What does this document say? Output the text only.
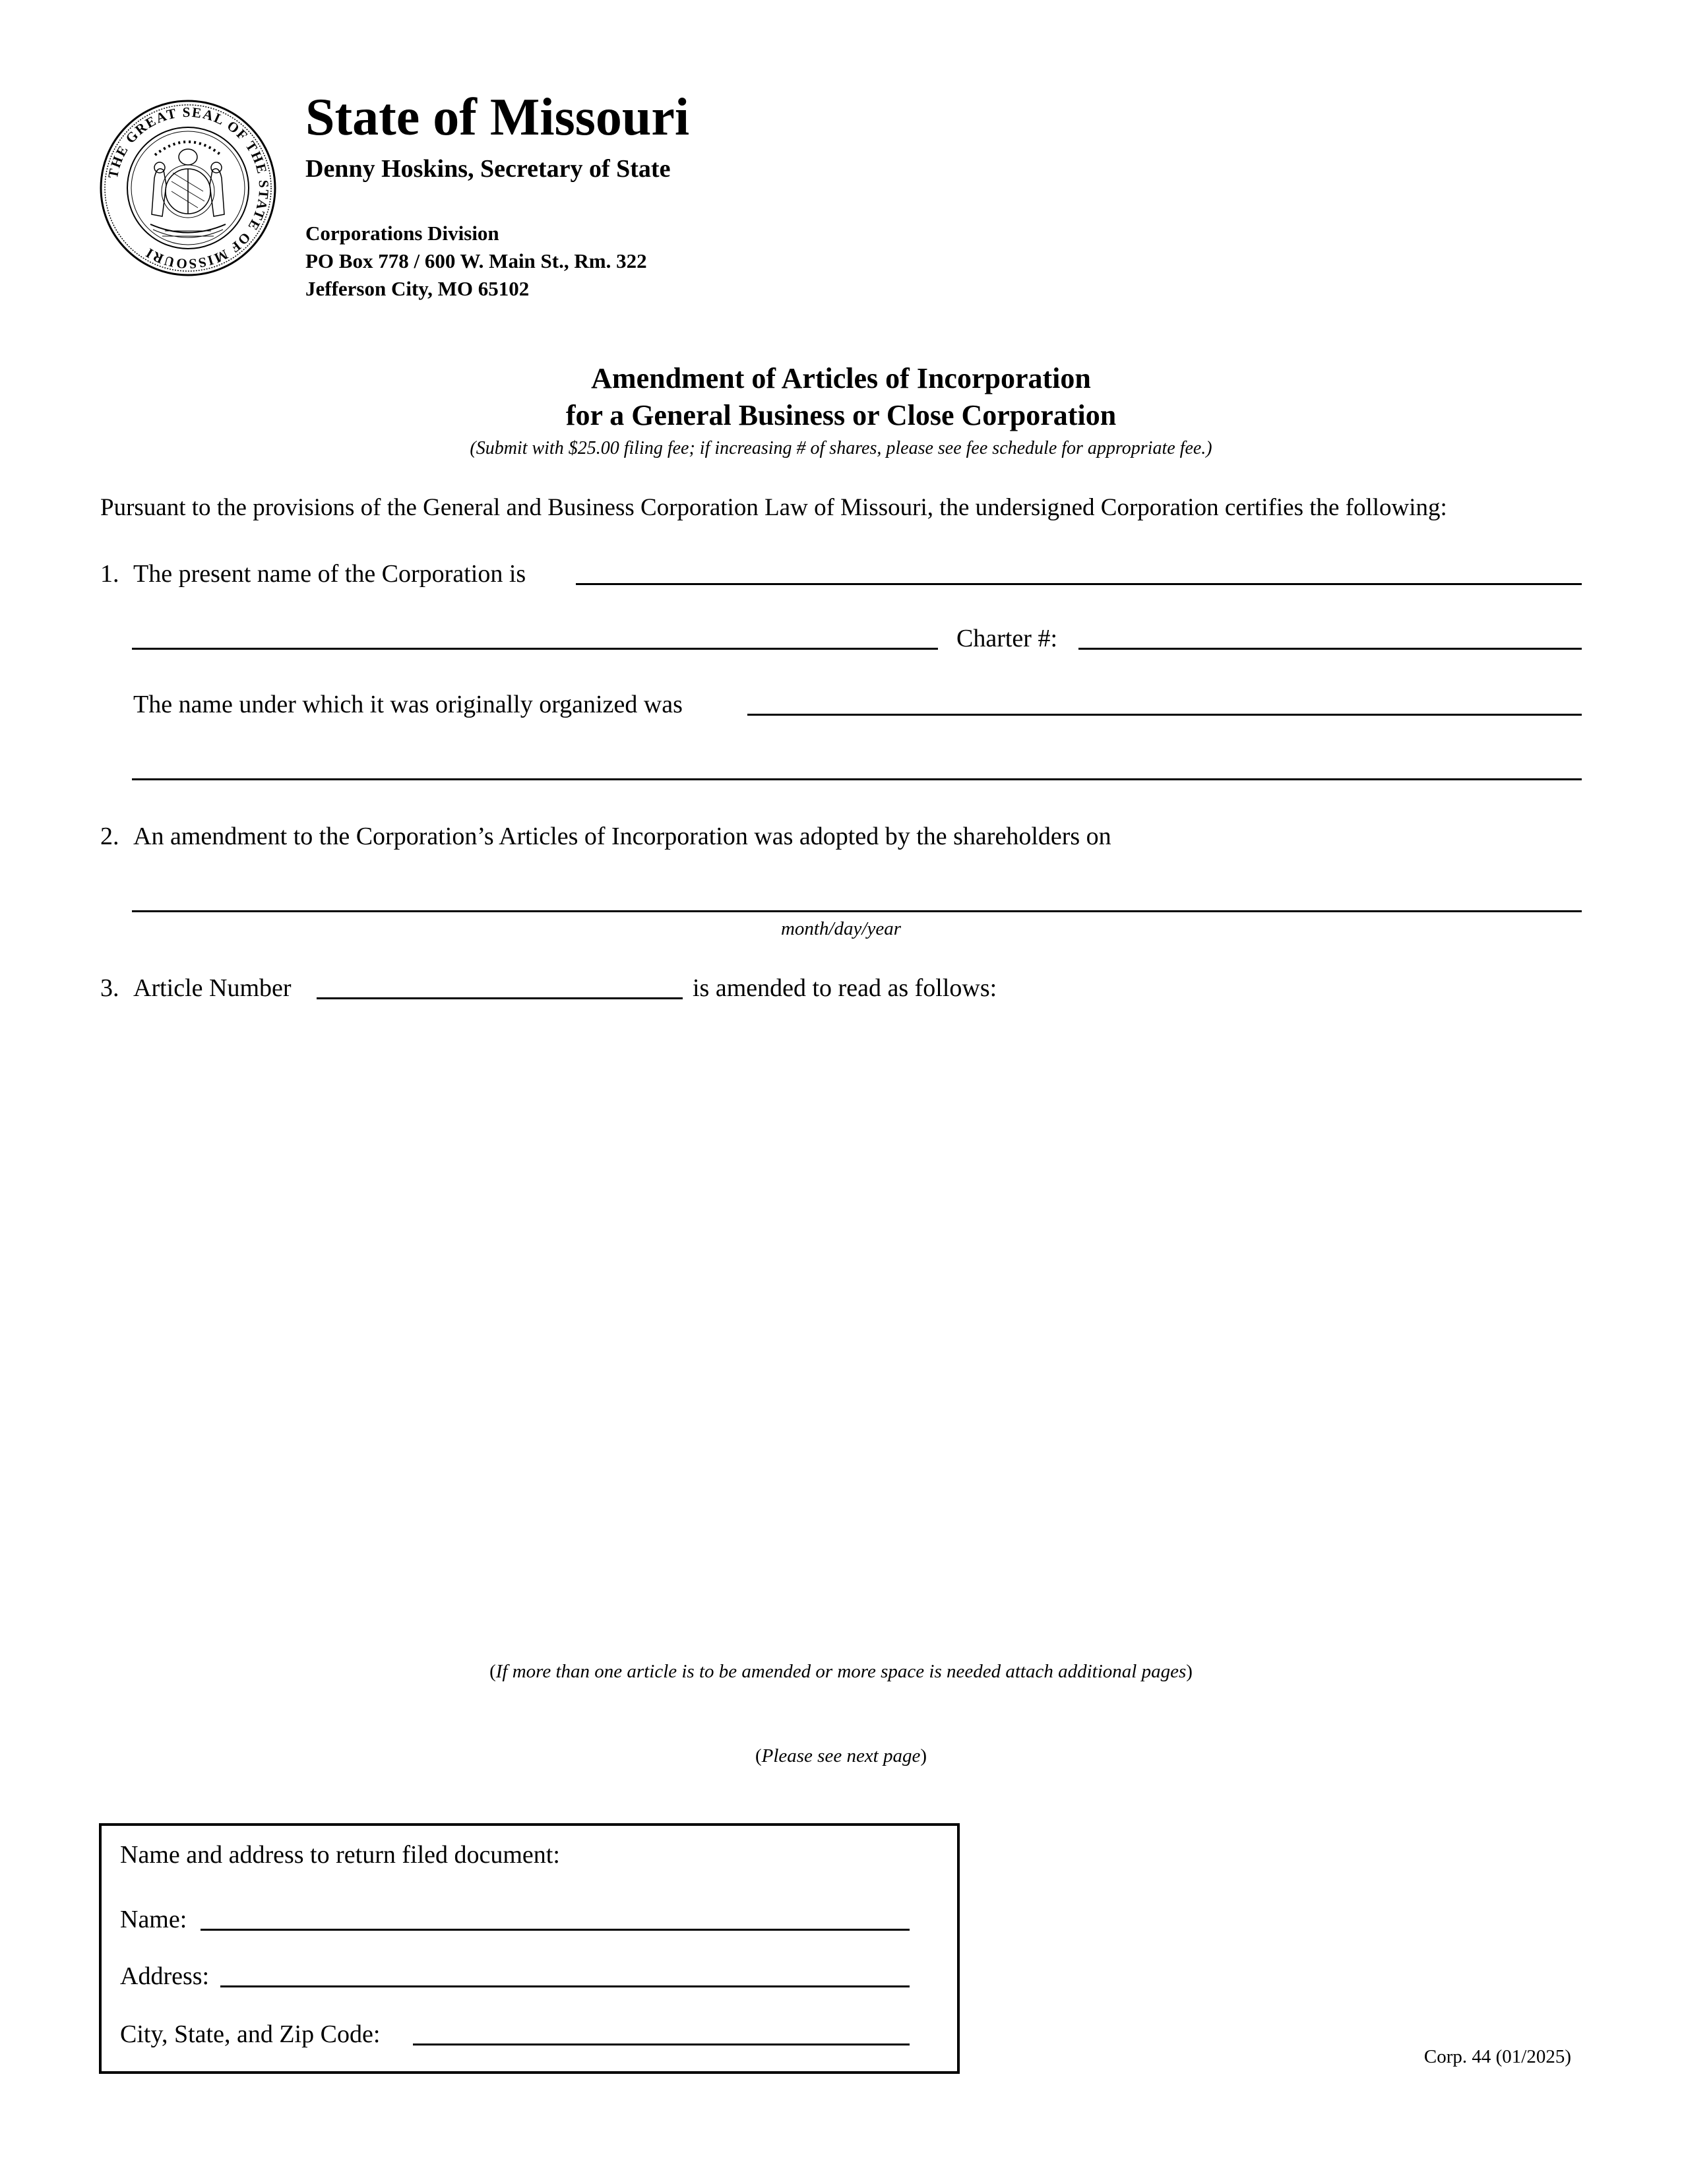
THE GREAT SEAL OF THE STATE OF MISSOURI
State of Missouri
Denny Hoskins, Secretary of State
Corporations Division
PO Box 778 / 600 W. Main St., Rm. 322
Jefferson City, MO 65102
Amendment of Articles of Incorporation
for a General Business or Close Corporation
(Submit with $25.00 filing fee; if increasing # of shares, please see fee schedule for appropriate fee.)
Pursuant to the provisions of the General and Business Corporation Law of Missouri, the undersigned Corporation certifies the following:
1. The present name of the Corporation is
Charter #:
The name under which it was originally organized was
2. An amendment to the Corporation’s Articles of Incorporation was adopted by the shareholders on
month/day/year
3. Article Number	is amended to read as follows:
(If more than one article is to be amended or more space is needed attach additional pages)
(Please see next page)
Name and address to return filed document:
Name:
Address:
City, State, and Zip Code:
Corp. 44 (01/2025)
